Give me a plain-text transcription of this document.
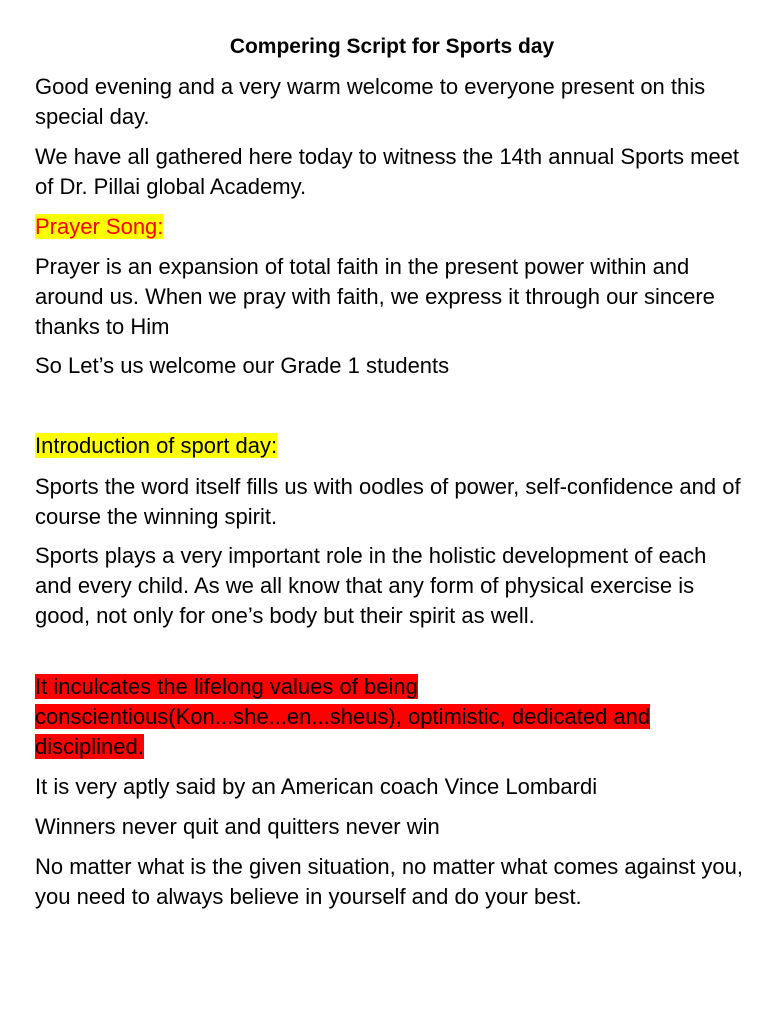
Compering Script for Sports day

Good evening and a very warm welcome to everyone present on this special day.

We have all gathered here today to witness the 14th annual Sports meet of Dr. Pillai global Academy.

Prayer Song:

Prayer is an expansion of total faith in the present power within and around us. When we pray with faith, we express it through our sincere thanks to Him

So Let’s us welcome our Grade 1 students

Introduction of sport day:

Sports the word itself fills us with oodles of power, self-confidence and of course the winning spirit.

Sports plays a very important role in the holistic development of each and every child. As we all know that any form of physical exercise is good, not only for one’s body but their spirit as well.

It inculcates the lifelong values of being conscientious(Kon...she...en...sheus), optimistic, dedicated and disciplined.

It is very aptly said by an American coach Vince Lombardi

Winners never quit and quitters never win

No matter what is the given situation, no matter what comes against you, you need to always believe in yourself and do your best.
